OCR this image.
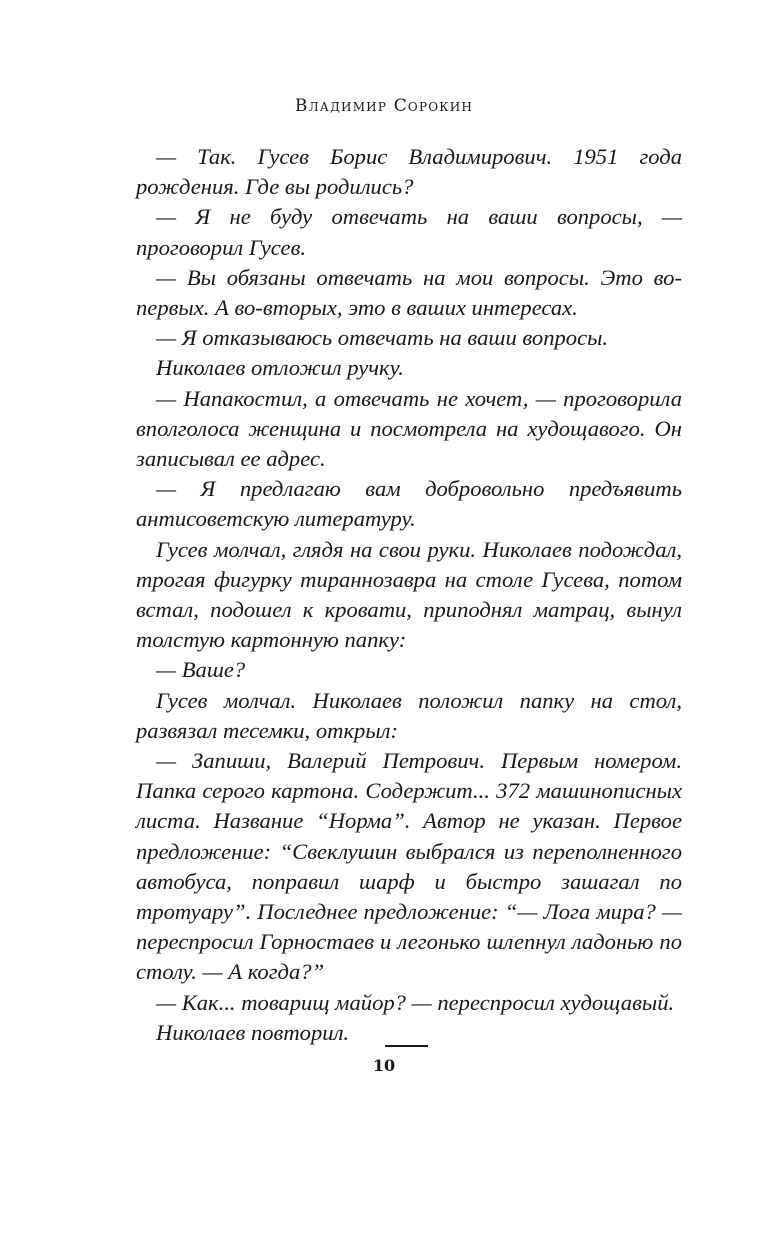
Владимир Сорокин

— Так. Гусев Борис Владимирович. 1951 года рождения. Где вы родились?

— Я не буду отвечать на ваши вопросы, — проговорил Гусев.

— Вы обязаны отвечать на мои вопросы. Это во-первых. А во-вторых, это в ваших интересах.

— Я отказываюсь отвечать на ваши вопросы.

Николаев отложил ручку.

— Напакостил, а отвечать не хочет, — проговорила вполголоса женщина и посмотрела на худощавого. Он записывал ее адрес.

— Я предлагаю вам добровольно предъявить антисоветскую литературу.

Гусев молчал, глядя на свои руки. Николаев подождал, трогая фигурку тираннозавра на столе Гусева, потом встал, подошел к кровати, приподнял матрац, вынул толстую картонную папку:

— Ваше?

Гусев молчал. Николаев положил папку на стол, развязал тесемки, открыл:

— Запиши, Валерий Петрович. Первым номером. Папка серого картона. Содержит... 372 машинописных листа. Название “Норма”. Автор не указан. Первое предложение: “Свеклушин выбрался из переполненного автобуса, поправил шарф и быстро зашагал по тротуару”. Последнее предложение: “— Лога мира? — переспросил Горностаев и легонько шлепнул ладонью по столу. — А когда?”

— Как... товарищ майор? — переспросил худощавый.

Николаев повторил.

10
